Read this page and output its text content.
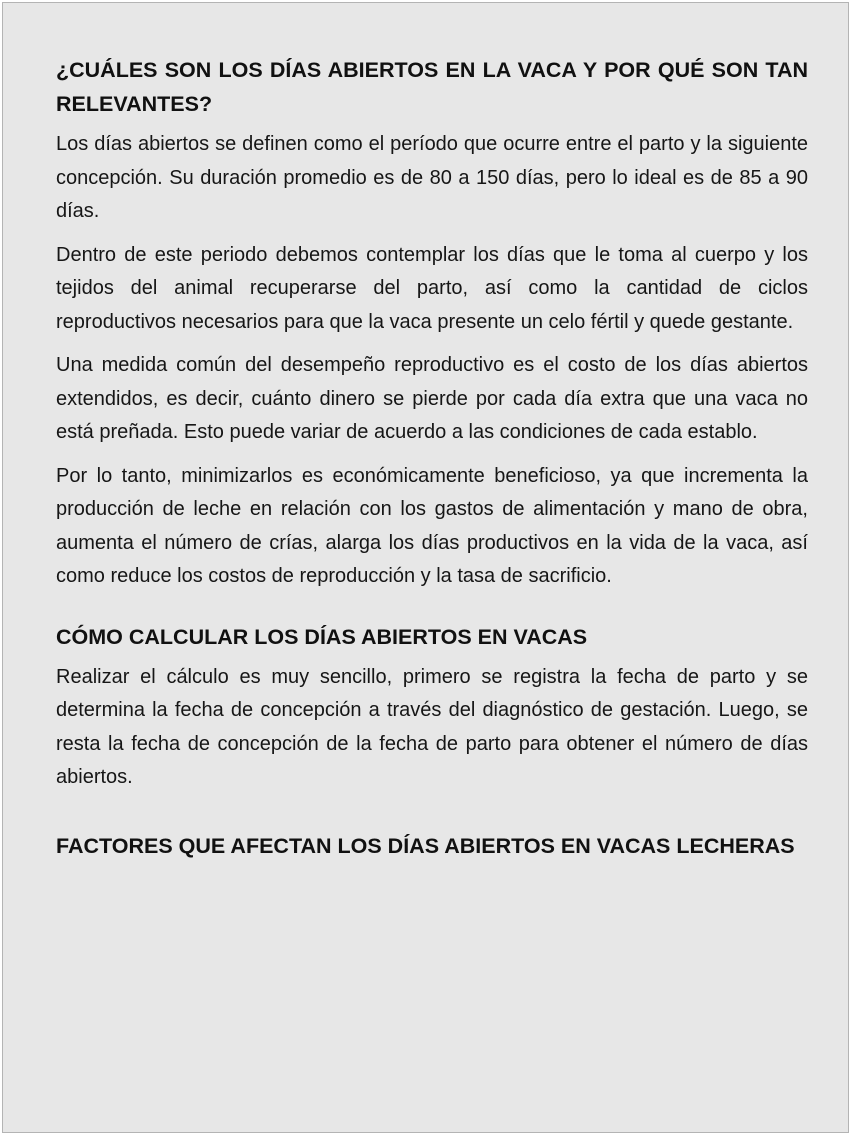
¿CUÁLES SON LOS DÍAS ABIERTOS EN LA VACA Y POR QUÉ SON TAN RELEVANTES?

Los días abiertos se definen como el período que ocurre entre el parto y la siguiente concepción. Su duración promedio es de 80 a 150 días, pero lo ideal es de 85 a 90 días.

Dentro de este periodo debemos contemplar los días que le toma al cuerpo y los tejidos del animal recuperarse del parto, así como la cantidad de ciclos reproductivos necesarios para que la vaca presente un celo fértil y quede gestante.

Una medida común del desempeño reproductivo es el costo de los días abiertos extendidos, es decir, cuánto dinero se pierde por cada día extra que una vaca no está preñada. Esto puede variar de acuerdo a las condiciones de cada establo.

Por lo tanto, minimizarlos es económicamente beneficioso, ya que incrementa la producción de leche en relación con los gastos de alimentación y mano de obra, aumenta el número de crías, alarga los días productivos en la vida de la vaca, así como reduce los costos de reproducción y la tasa de sacrificio.

CÓMO CALCULAR LOS DÍAS ABIERTOS EN VACAS

Realizar el cálculo es muy sencillo, primero se registra la fecha de parto y se determina la fecha de concepción a través del diagnóstico de gestación. Luego, se resta la fecha de concepción de la fecha de parto para obtener el número de días abiertos.

FACTORES QUE AFECTAN LOS DÍAS ABIERTOS EN VACAS LECHERAS
